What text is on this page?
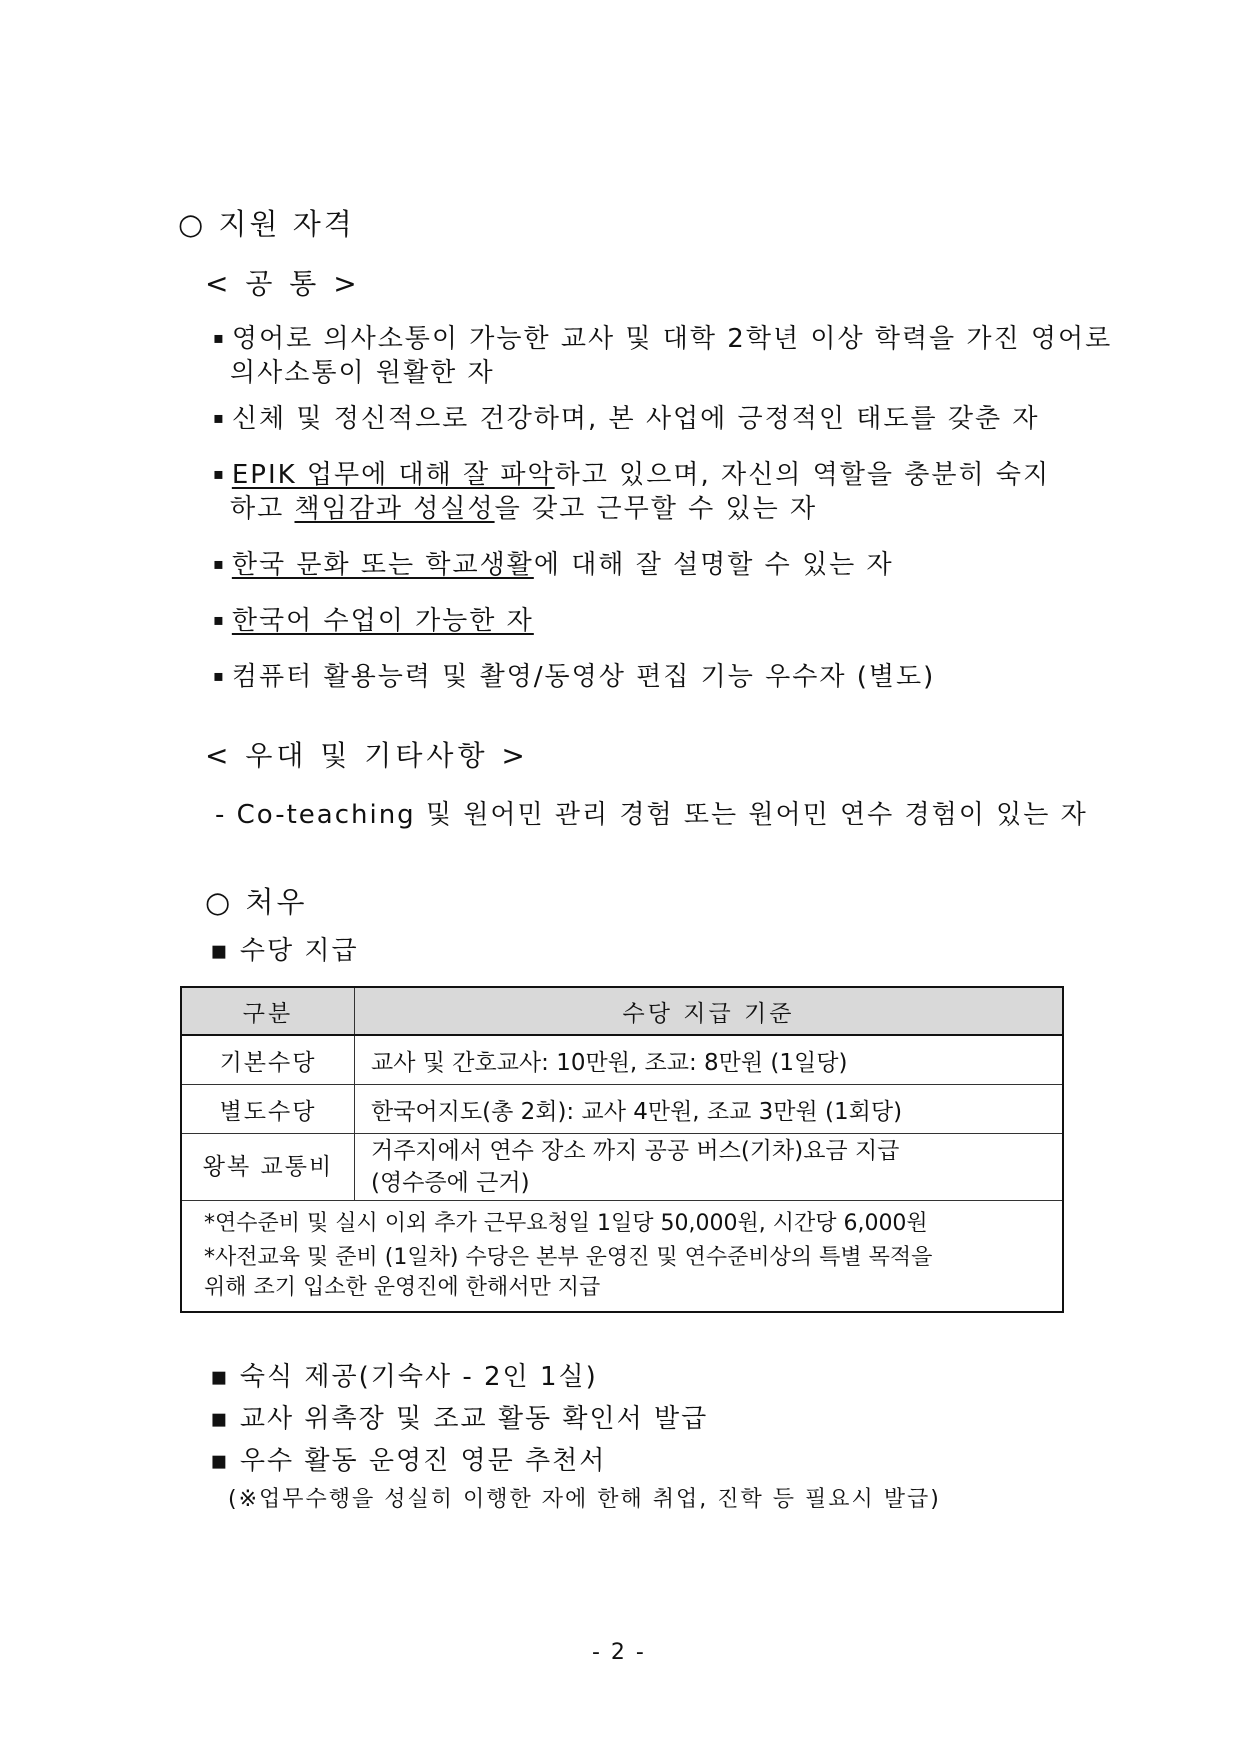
○ 지원 자격
< 공 통 >
▪ 영어로 의사소통이 가능한 교사 및 대학 2학년 이상 학력을 가진 영어로
의사소통이 원활한 자
▪ 신체 및 정신적으로 건강하며, 본 사업에 긍정적인 태도를 갖춘 자
▪ EPIK 업무에 대해 잘 파악하고 있으며, 자신의 역할을 충분히 숙지
하고 책임감과 성실성을 갖고 근무할 수 있는 자
▪ 한국 문화 또는 학교생활에 대해 잘 설명할 수 있는 자
▪ 한국어 수업이 가능한 자
▪ 컴퓨터 활용능력 및 촬영/동영상 편집 기능 우수자 (별도)
< 우대 및 기타사항 >
- Co-teaching 및 원어민 관리 경험 또는 원어민 연수 경험이 있는 자
○ 처우
▪ 수당 지급
구분	수당 지급 기준
기본수당	교사 및 간호교사: 10만원, 조교: 8만원 (1일당)
별도수당	한국어지도(총 2회): 교사 4만원, 조교 3만원 (1회당)
왕복 교통비	거주지에서 연수 장소 까지 공공 버스(기차)요금 지급
(영수증에 근거)

*연수준비 및 실시 이외 추가 근무요청일 1일당 50,000원, 시간당 6,000원

*사전교육 및 준비 (1일차) 수당은 본부 운영진 및 연수준비상의 특별 목적을

위해 조기 입소한 운영진에 한해서만 지급	

▪ 숙식 제공(기숙사 - 2인 1실)
▪ 교사 위촉장 및 조교 활동 확인서 발급
▪ 우수 활동 운영진 영문 추천서
(※업무수행을 성실히 이행한 자에 한해 취업, 진학 등 필요시 발급)
- 2 -
